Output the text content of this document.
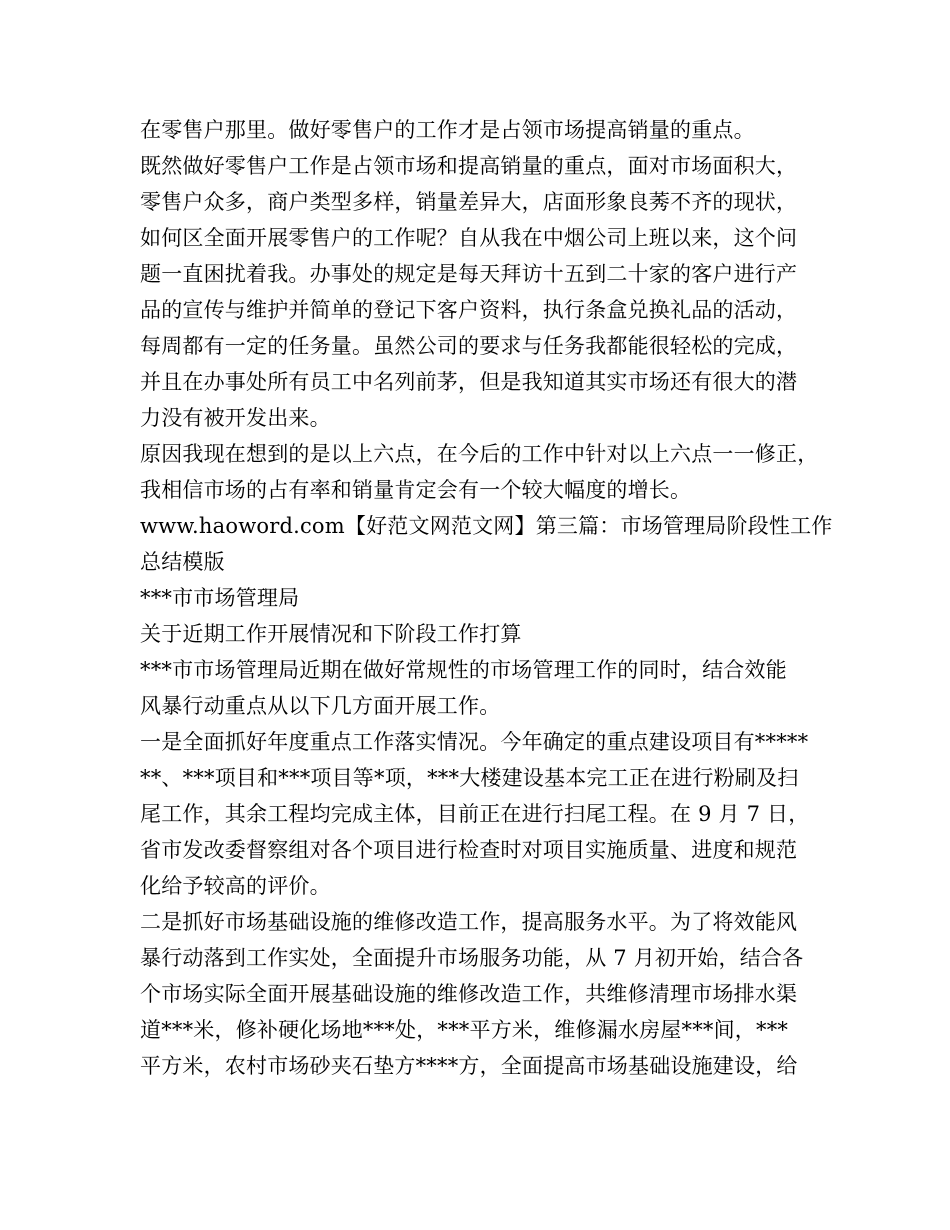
在零售户那里。做好零售户的工作才是占领市场提高销量的重点。
既然做好零售户工作是占领市场和提高销量的重点，面对市场面积大，
零售户众多，商户类型多样，销量差异大，店面形象良莠不齐的现状，
如何区全面开展零售户的工作呢？自从我在中烟公司上班以来，这个问
题一直困扰着我。办事处的规定是每天拜访十五到二十家的客户进行产
品的宣传与维护并简单的登记下客户资料，执行条盒兑换礼品的活动，
每周都有一定的任务量。虽然公司的要求与任务我都能很轻松的完成，
并且在办事处所有员工中名列前茅，但是我知道其实市场还有很大的潜
力没有被开发出来。
原因我现在想到的是以上六点，在今后的工作中针对以上六点一一修正，
我相信市场的占有率和销量肯定会有一个较大幅度的增长。
www.haoword.com【好范文网范文网】第三篇：市场管理局阶段性工作
总结模版
***市市场管理局
关于近期工作开展情况和下阶段工作打算
***市市场管理局近期在做好常规性的市场管理工作的同时，结合效能
风暴行动重点从以下几方面开展工作。
一是全面抓好年度重点工作落实情况。今年确定的重点建设项目有*****
**、***项目和***项目等*项，***大楼建设基本完工正在进行粉刷及扫
尾工作，其余工程均完成主体，目前正在进行扫尾工程。在 9 月 7 日，
省市发改委督察组对各个项目进行检查时对项目实施质量、进度和规范
化给予较高的评价。
二是抓好市场基础设施的维修改造工作，提高服务水平。为了将效能风
暴行动落到工作实处，全面提升市场服务功能，从 7 月初开始，结合各
个市场实际全面开展基础设施的维修改造工作，共维修清理市场排水渠
道***米，修补硬化场地***处，***平方米，维修漏水房屋***间，***
平方米，农村市场砂夹石垫方****方，全面提高市场基础设施建设，给
